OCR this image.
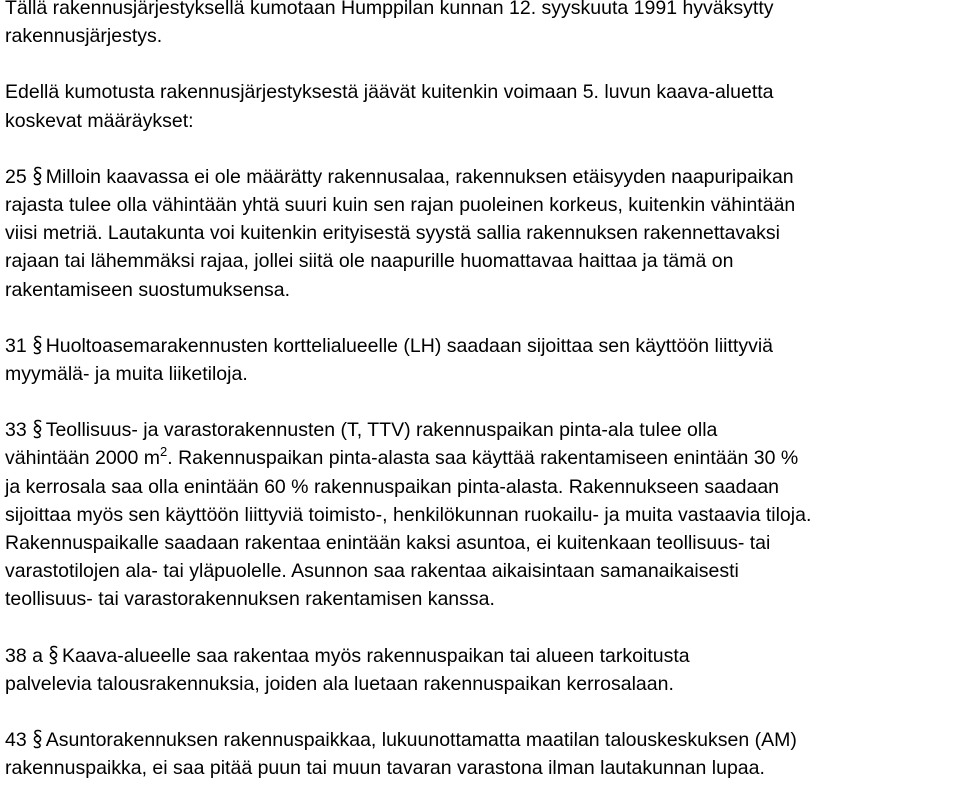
Tällä rakennusjärjestyksellä kumotaan Humppilan kunnan 12. syyskuuta 1991 hyväksytty
rakennusjärjestys.

Edellä kumotusta rakennusjärjestyksestä jäävät kuitenkin voimaan 5. luvun kaava-aluetta
koskevat määräykset:

25 Milloin kaavassa ei ole määrätty rakennusalaa, rakennuksen etäisyyden naapuripaikan
rajasta tulee olla vähintään yhtä suuri kuin sen rajan puoleinen korkeus, kuitenkin vähintään
viisi metriä. Lautakunta voi kuitenkin erityisestä syystä sallia rakennuksen rakennettavaksi
rajaan tai lähemmäksi rajaa, jollei siitä ole naapurille huomattavaa haittaa ja tämä on
rakentamiseen suostumuksensa.

31 Huoltoasemarakennusten korttelialueelle (LH) saadaan sijoittaa sen käyttöön liittyviä
myymälä- ja muita liiketiloja.

33 Teollisuus- ja varastorakennusten (T, TTV) rakennuspaikan pinta-ala tulee olla
vähintään 2000 $m^2$. Rakennuspaikan pinta-alasta saa käyttää rakentamiseen enintään 30 %
ja kerrosala saa olla enintään 60 % rakennuspaikan pinta-alasta. Rakennukseen saadaan
sijoittaa myös sen käyttöön liittyviä toimisto-, henkilökunnan ruokailu- ja muita vastaavia tiloja.
Rakennuspaikalle saadaan rakentaa enintään kaksi asuntoa, ei kuitenkaan teollisuus- tai
varastotilojen ala- tai yläpuolelle. Asunnon saa rakentaa aikaisintaan samanaikaisesti
teollisuus- tai varastorakennuksen rakentamisen kanssa.

38 a Kaava-alueelle saa rakentaa myös rakennuspaikan tai alueen tarkoitusta
palvelevia talousrakennuksia, joiden ala luetaan rakennuspaikan kerrosalaan.

43 Asuntorakennuksen rakennuspaikkaa, lukuunottamatta maatilan talouskeskuksen (AM)
rakennuspaikka, ei saa pitää puun tai muun tavaran varastona ilman lautakunnan lupaa.
